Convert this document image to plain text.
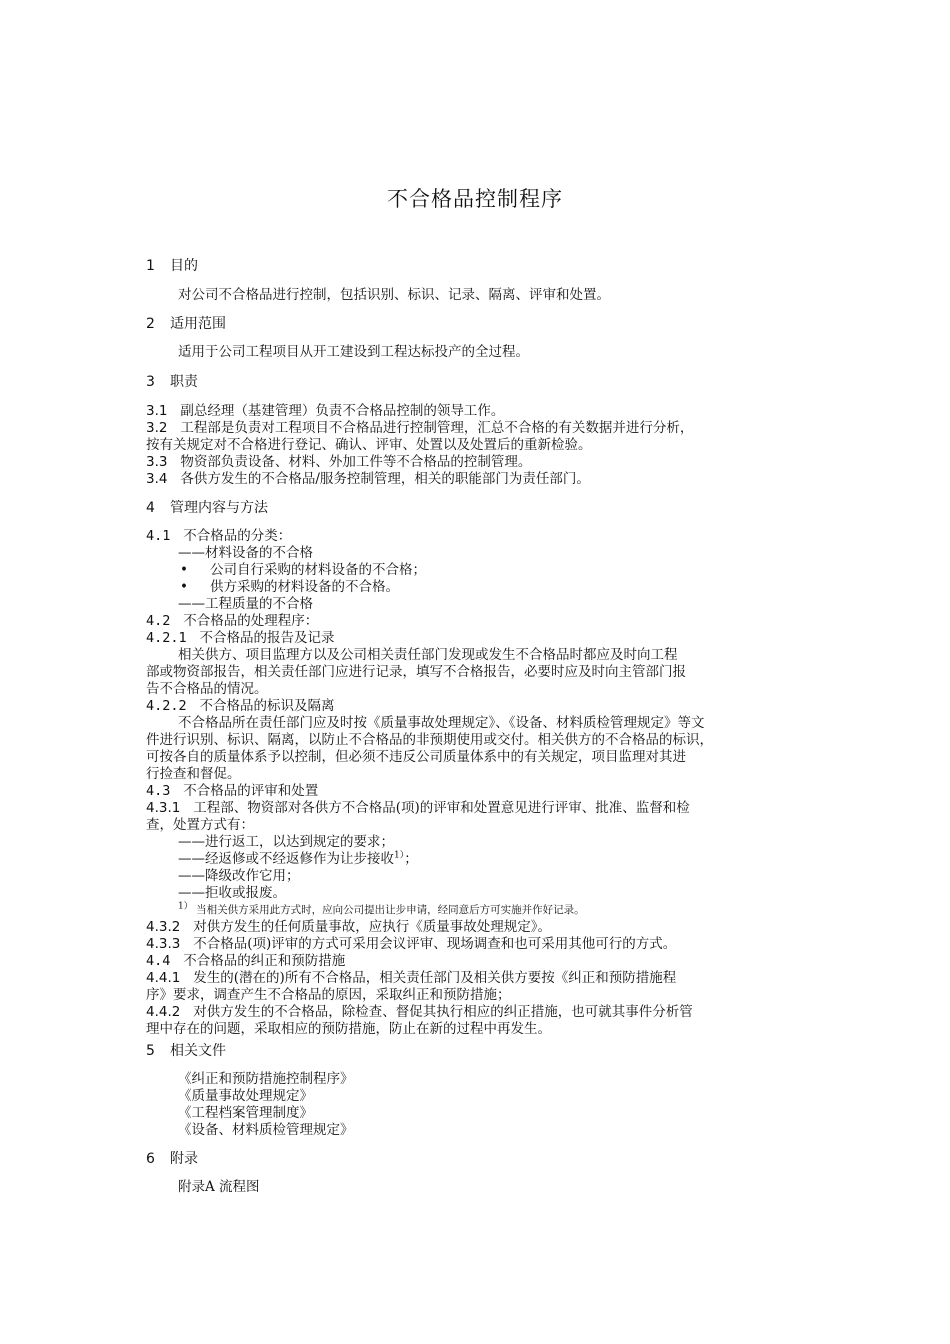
不合格品控制程序
1 目的
对公司不合格品进行控制，包括识别、标识、记录、隔离、评审和处置。
2 适用范围
适用于公司工程项目从开工建设到工程达标投产的全过程。
3 职责
3.1 副总经理（基建管理）负责不合格品控制的领导工作。
3.2 工程部是负责对工程项目不合格品进行控制管理，汇总不合格的有关数据并进行分析，
按有关规定对不合格进行登记、确认、评审、处置以及处置后的重新检验。
3.3 物资部负责设备、材料、外加工件等不合格品的控制管理。
3.4 各供方发生的不合格品/服务控制管理，相关的职能部门为责任部门。
4 管理内容与方法
4.1 不合格品的分类：
——材料设备的不合格
• 公司自行采购的材料设备的不合格；
• 供方采购的材料设备的不合格。
——工程质量的不合格
4.2 不合格品的处理程序：
4.2.1 不合格品的报告及记录
相关供方、项目监理方以及公司相关责任部门发现或发生不合格品时都应及时向工程
部或物资部报告，相关责任部门应进行记录，填写不合格报告，必要时应及时向主管部门报
告不合格品的情况。
4.2.2 不合格品的标识及隔离
不合格品所在责任部门应及时按《质量事故处理规定》、《设备、材料质检管理规定》等文
件进行识别、标识、隔离，以防止不合格品的非预期使用或交付。相关供方的不合格品的标识，
可按各自的质量体系予以控制，但必须不违反公司质量体系中的有关规定，项目监理对其进
行捡查和督促。
4.3 不合格品的评审和处置
4.3.1 工程部、物资部对各供方不合格品(项)的评审和处置意见进行评审、批准、监督和检
查，处置方式有：
——进行返工，以达到规定的要求；
——经返修或不经返修作为让步接收$^{1)}$；
——降级改作它用；
——拒收或报废。
$^{1)}$ 当相关供方采用此方式时，应向公司提出让步申请，经同意后方可实施并作好记录。
4.3.2 对供方发生的任何质量事故，应执行《质量事故处理规定》。
4.3.3 不合格品(项)评审的方式可采用会议评审、现场调查和也可采用其他可行的方式。
4.4 不合格品的纠正和预防措施
4.4.1 发生的(潜在的)所有不合格品，相关责任部门及相关供方要按《纠正和预防措施程
序》要求，调查产生不合格品的原因，采取纠正和预防措施；
4.4.2 对供方发生的不合格品，除检查、督促其执行相应的纠正措施，也可就其事件分析管
理中存在的问题，采取相应的预防措施，防止在新的过程中再发生。
5 相关文件
《纠正和预防措施控制程序》
《质量事故处理规定》
《工程档案管理制度》
《设备、材料质检管理规定》
6 附录
附录A 流程图
